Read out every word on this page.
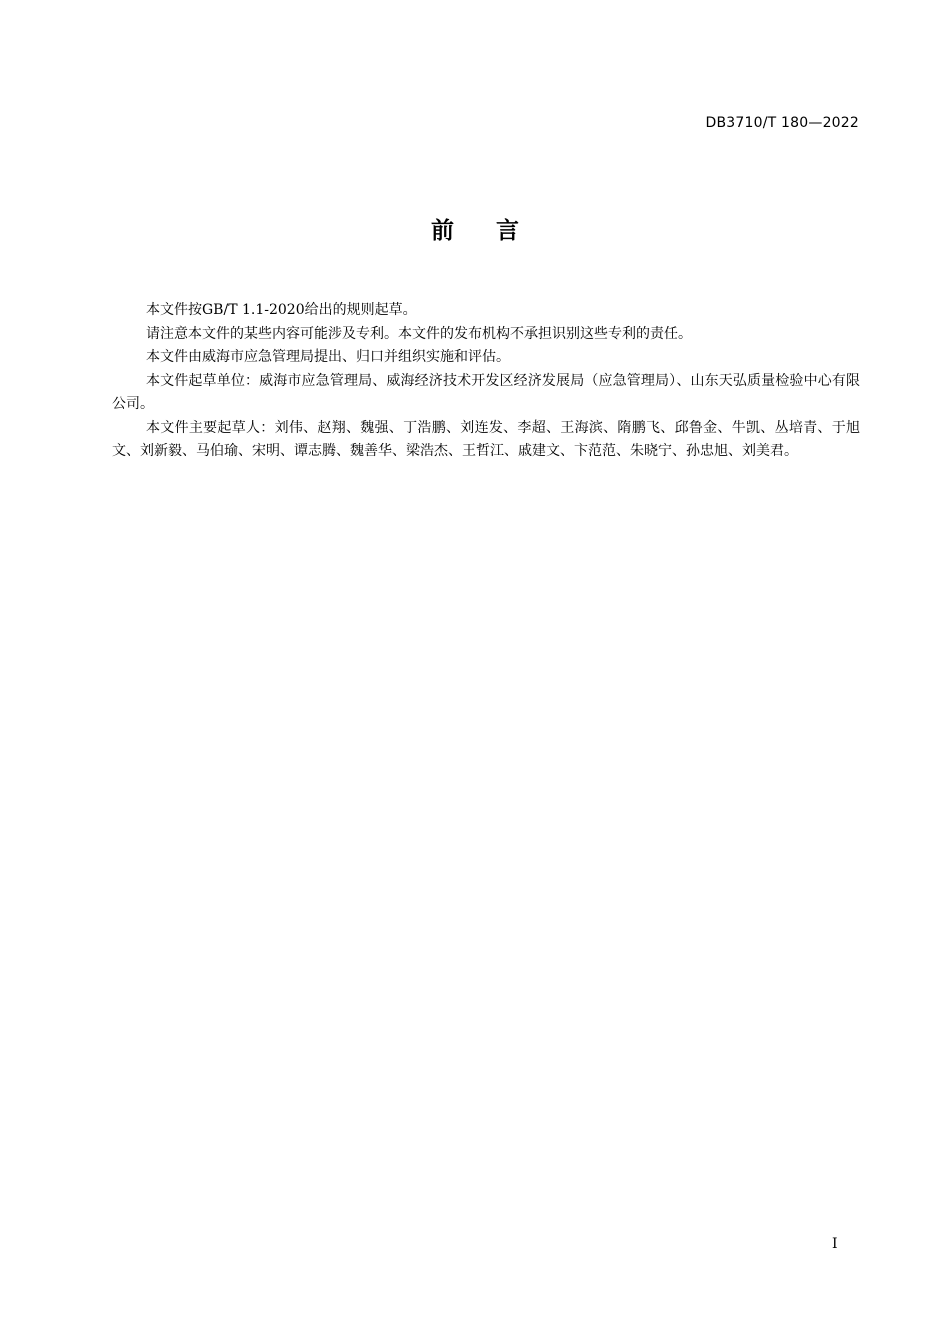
DB3710/T 180—2022
前言

本文件按GB/T 1.1-2020给出的规则起草。

请注意本文件的某些内容可能涉及专利。本文件的发布机构不承担识别这些专利的责任。

本文件由威海市应急管理局提出、归口并组织实施和评估。

本文件起草单位：威海市应急管理局、威海经济技术开发区经济发展局（应急管理局）、山东天弘质量检验中心有限公司。

本文件主要起草人：刘伟、赵翔、魏强、丁浩鹏、刘连发、李超、王海滨、隋鹏飞、邱鲁金、牛凯、丛培青、于旭文、刘新毅、马伯瑜、宋明、谭志腾、魏善华、梁浩杰、王哲江、戚建文、卞范范、朱晓宁、孙忠旭、刘美君。

I
